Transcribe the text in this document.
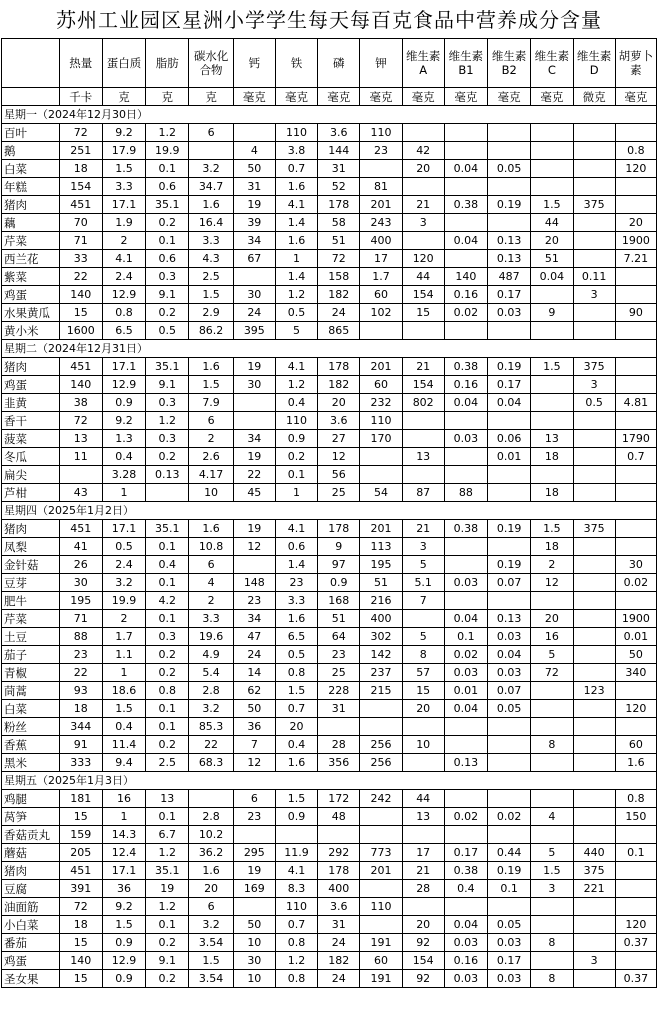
苏州工业园区星洲小学学生每天每百克食品中营养成分含量
	热量	蛋白质	脂肪	碳水化合物	钙	铁	磷	钾	维生素A	维生素B1	维生素B2	维生素C	维生素D	胡萝卜素
	千卡	克	克	克	毫克	毫克	毫克	毫克	毫克	毫克	毫克	毫克	微克	毫克
星期一（2024年12月30日）														
百叶	72	9.2	1.2	6		110	3.6	110						
鹅	251	17.9	19.9		4	3.8	144	23	42					0.8
白菜	18	1.5	0.1	3.2	50	0.7	31		20	0.04	0.05			120
年糕	154	3.3	0.6	34.7	31	1.6	52	81						
猪肉	451	17.1	35.1	1.6	19	4.1	178	201	21	0.38	0.19	1.5	375	
藕	70	1.9	0.2	16.4	39	1.4	58	243	3			44		20
芹菜	71	2	0.1	3.3	34	1.6	51	400		0.04	0.13	20		1900
西兰花	33	4.1	0.6	4.3	67	1	72	17	120		0.13	51		7.21
紫菜	22	2.4	0.3	2.5		1.4	158	1.7	44	140	487	0.04	0.11	
鸡蛋	140	12.9	9.1	1.5	30	1.2	182	60	154	0.16	0.17		3	
水果黄瓜	15	0.8	0.2	2.9	24	0.5	24	102	15	0.02	0.03	9		90
黄小米	1600	6.5	0.5	86.2	395	5	865							
星期二（2024年12月31日）														
猪肉	451	17.1	35.1	1.6	19	4.1	178	201	21	0.38	0.19	1.5	375	
鸡蛋	140	12.9	9.1	1.5	30	1.2	182	60	154	0.16	0.17		3	
韭黄	38	0.9	0.3	7.9		0.4	20	232	802	0.04	0.04		0.5	4.81
香干	72	9.2	1.2	6		110	3.6	110						
菠菜	13	1.3	0.3	2	34	0.9	27	170		0.03	0.06	13		1790
冬瓜	11	0.4	0.2	2.6	19	0.2	12		13		0.01	18		0.7
扁尖		3.28	0.13	4.17	22	0.1	56							
芦柑	43	1		10	45	1	25	54	87	88		18		
星期四（2025年1月2日）														
猪肉	451	17.1	35.1	1.6	19	4.1	178	201	21	0.38	0.19	1.5	375	
凤梨	41	0.5	0.1	10.8	12	0.6	9	113	3			18		
金针菇	26	2.4	0.4	6		1.4	97	195	5		0.19	2		30
豆芽	30	3.2	0.1	4	148	23	0.9	51	5.1	0.03	0.07	12		0.02
肥牛	195	19.9	4.2	2	23	3.3	168	216	7					
芹菜	71	2	0.1	3.3	34	1.6	51	400		0.04	0.13	20		1900
土豆	88	1.7	0.3	19.6	47	6.5	64	302	5	0.1	0.03	16		0.01
茄子	23	1.1	0.2	4.9	24	0.5	23	142	8	0.02	0.04	5		50
青椒	22	1	0.2	5.4	14	0.8	25	237	57	0.03	0.03	72		340
茼蒿	93	18.6	0.8	2.8	62	1.5	228	215	15	0.01	0.07		123	
白菜	18	1.5	0.1	3.2	50	0.7	31		20	0.04	0.05			120
粉丝	344	0.4	0.1	85.3	36	20								
香蕉	91	11.4	0.2	22	7	0.4	28	256	10			8		60
黑米	333	9.4	2.5	68.3	12	1.6	356	256		0.13				1.6
星期五（2025年1月3日）														
鸡腿	181	16	13		6	1.5	172	242	44					0.8
莴笋	15	1	0.1	2.8	23	0.9	48		13	0.02	0.02	4		150
香菇贡丸	159	14.3	6.7	10.2										
蘑菇	205	12.4	1.2	36.2	295	11.9	292	773	17	0.17	0.44	5	440	0.1
猪肉	451	17.1	35.1	1.6	19	4.1	178	201	21	0.38	0.19	1.5	375	
豆腐	391	36	19	20	169	8.3	400		28	0.4	0.1	3	221	
油面筋	72	9.2	1.2	6		110	3.6	110						
小白菜	18	1.5	0.1	3.2	50	0.7	31		20	0.04	0.05			120
番茄	15	0.9	0.2	3.54	10	0.8	24	191	92	0.03	0.03	8		0.37
鸡蛋	140	12.9	9.1	1.5	30	1.2	182	60	154	0.16	0.17		3	
圣女果	15	0.9	0.2	3.54	10	0.8	24	191	92	0.03	0.03	8		0.37
